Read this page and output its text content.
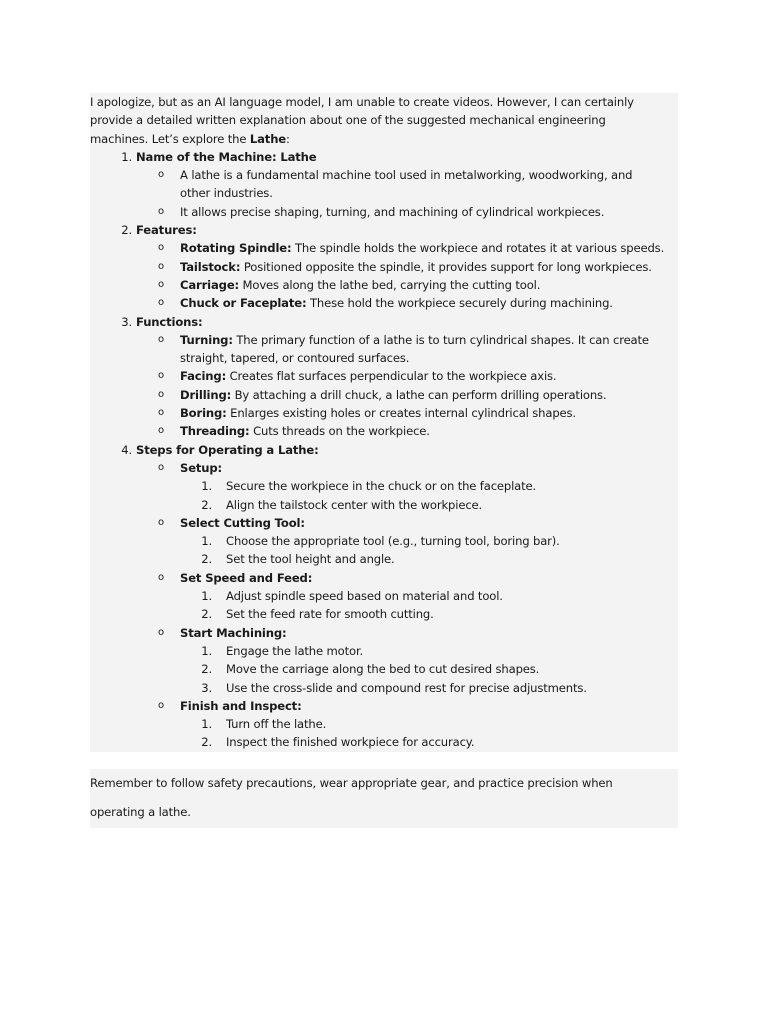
I apologize, but as an AI language model, I am unable to create videos. However, I can certainly
provide a detailed written explanation about one of the suggested mechanical engineering
machines. Let’s explore the Lathe:
1. Name of the Machine: Lathe
o	A lathe is a fundamental machine tool used in metalworking, woodworking, and
other industries.
o	It allows precise shaping, turning, and machining of cylindrical workpieces.
2. Features:
o	Rotating Spindle: The spindle holds the workpiece and rotates it at various speeds.
o	Tailstock: Positioned opposite the spindle, it provides support for long workpieces.
o	Carriage: Moves along the lathe bed, carrying the cutting tool.
o	Chuck or Faceplate: These hold the workpiece securely during machining.
3. Functions:
o	Turning: The primary function of a lathe is to turn cylindrical shapes. It can create
straight, tapered, or contoured surfaces.
o	Facing: Creates flat surfaces perpendicular to the workpiece axis.
o	Drilling: By attaching a drill chuck, a lathe can perform drilling operations.
o	Boring: Enlarges existing holes or creates internal cylindrical shapes.
o	Threading: Cuts threads on the workpiece.
4. Steps for Operating a Lathe:
o	Setup:
1. Secure the workpiece in the chuck or on the faceplate.
2. Align the tailstock center with the workpiece.
o	Select Cutting Tool:
1. Choose the appropriate tool (e.g., turning tool, boring bar).
2. Set the tool height and angle.
o	Set Speed and Feed:
1. Adjust spindle speed based on material and tool.
2. Set the feed rate for smooth cutting.
o	Start Machining:
1. Engage the lathe motor.
2. Move the carriage along the bed to cut desired shapes.
3. Use the cross-slide and compound rest for precise adjustments.
o	Finish and Inspect:
1. Turn off the lathe.
2. Inspect the finished workpiece for accuracy.
Remember to follow safety precautions, wear appropriate gear, and practice precision when
operating a lathe.
